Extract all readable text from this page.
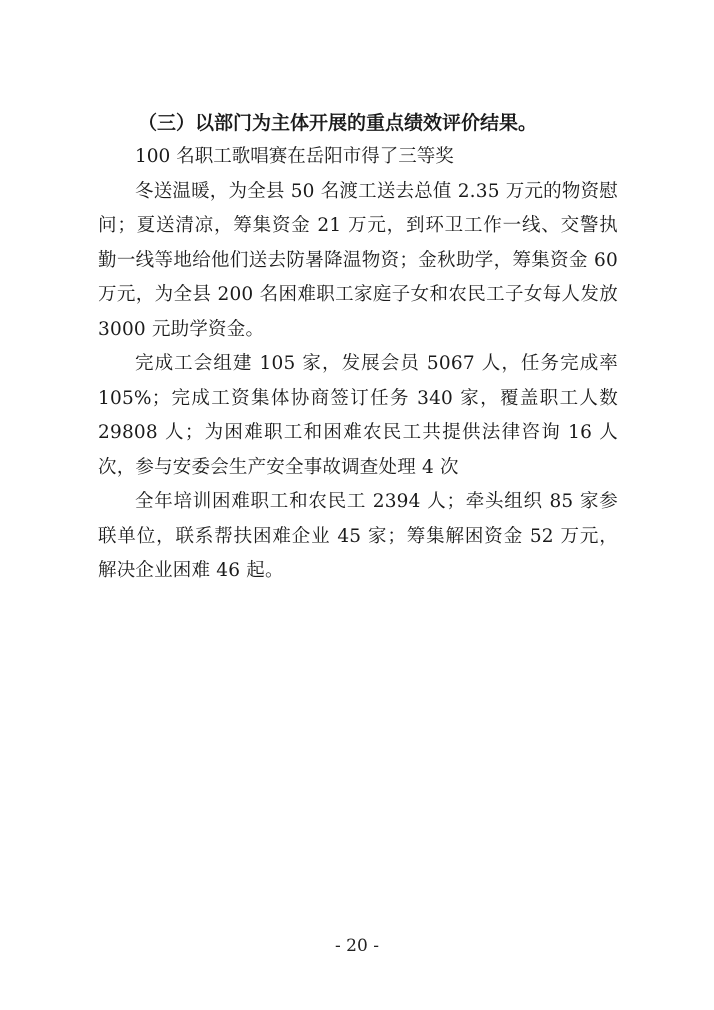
（三）以部门为主体开展的重点绩效评价结果。

100 名职工歌唱赛在岳阳市得了三等奖

冬送温暖，为全县 50 名渡工送去总值 2.35 万元的物资慰问；夏送清凉，筹集资金 21 万元，到环卫工作一线、交警执勤一线等地给他们送去防暑降温物资；金秋助学，筹集资金 60 万元，为全县 200 名困难职工家庭子女和农民工子女每人发放 3000 元助学资金。

完成工会组建 105 家，发展会员 5067 人，任务完成率 105%；完成工资集体协商签订任务 340 家，覆盖职工人数 29808 人；为困难职工和困难农民工共提供法律咨询 16 人次，参与安委会生产安全事故调查处理 4 次

全年培训困难职工和农民工 2394 人；牵头组织 85 家参联单位，联系帮扶困难企业 45 家；筹集解困资金 52 万元，解决企业困难 46 起。

- 20 -
